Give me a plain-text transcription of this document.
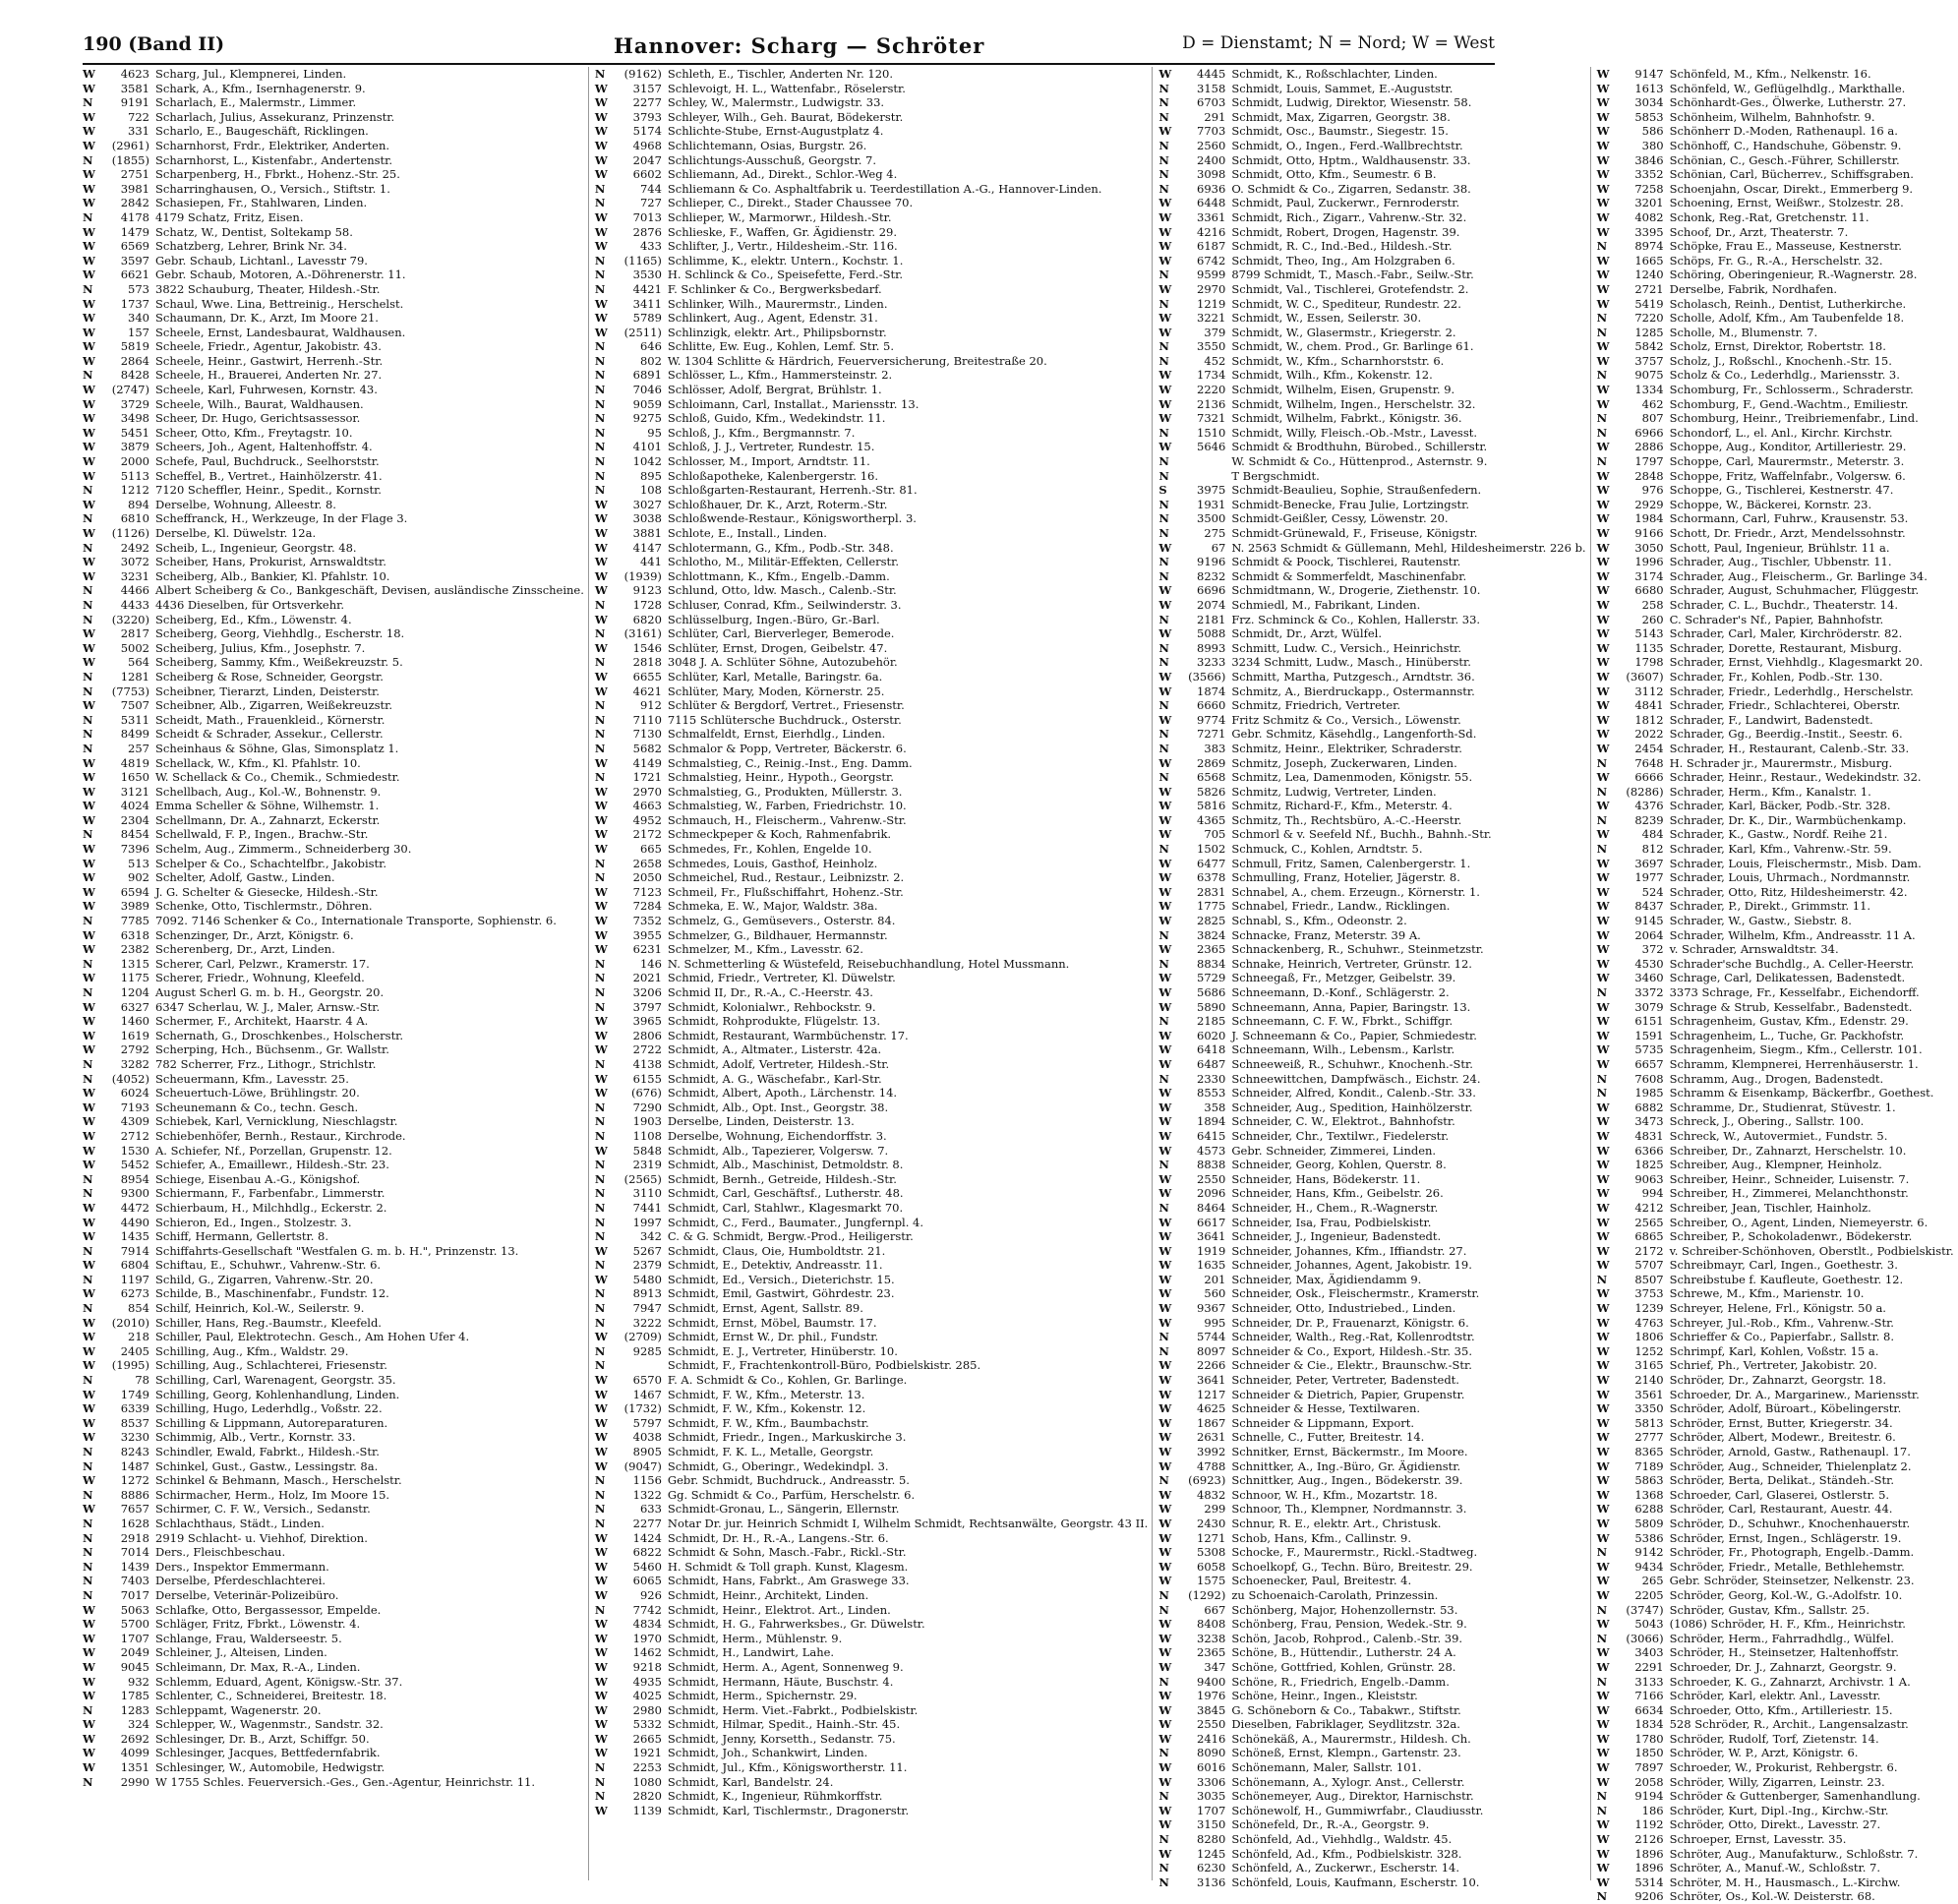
190 (Band II)	Hannover: Scharg — Schröter	D = Dienstamt; N = Nord; W = West
W 4623 Scharg, Jul., Klempnerei, Linden.
W 3581 Schark, A., Kfm., Isernhagenerstr. 9.
N 9191 Scharlach, E., Malermstr., Limmer.
W	722 Scharlach, Julius, Assekuranz, Prinzenstr.
W	331 Scharlo, E., Baugeschäft, Ricklingen.
W (2961) Scharnhorst, Frdr., Elektriker, Anderten.
N (1855) Scharnhorst, L., Kistenfabr., Andertenstr.
W 2751 Scharpenberg, H., Fbrkt., Hohenz.-Str. 25.
W 3981 Scharringhausen, O., Versich., Stiftstr. 1.
W 2842 Schasiepen, Fr., Stahlwaren, Linden.
N 4178 4179 Schatz, Fritz, Eisen.
W 1479 Schatz, W., Dentist, Soltekamp 58.
W 6569 Schatzberg, Lehrer, Brink Nr. 34.
W 3597 Gebr. Schaub, Lichtanl., Lavesstr 79.
W 6621 Gebr. Schaub, Motoren, A.-Döhrenerstr. 11.
N	573 3822 Schauburg, Theater, Hildesh.-Str.
W 1737 Schaul, Wwe. Lina, Bettreinig., Herschelst.
W	340 Schaumann, Dr. K., Arzt, Im Moore 21.
W	157 Scheele, Ernst, Landesbaurat, Waldhausen.
W 5819 Scheele, Friedr., Agentur, Jakobistr. 43.
W 2864 Scheele, Heinr., Gastwirt, Herrenh.-Str.
N 8428 Scheele, H., Brauerei, Anderten Nr. 27.
W (2747) Scheele, Karl, Fuhrwesen, Kornstr. 43.
W 3729 Scheele, Wilh., Baurat, Waldhausen.
W 3498 Scheer, Dr. Hugo, Gerichtsassessor.
W 5451 Scheer, Otto, Kfm., Freytagstr. 10.
W 3879 Scheers, Joh., Agent, Haltenhoffstr. 4.
W 2000 Schefe, Paul, Buchdruck., Seelhorststr.
W 5113 Scheffel, B., Vertret., Hainhölzerstr. 41.
N 1212 7120 Scheffler, Heinr., Spedit., Kornstr.
W	894 Derselbe, Wohnung, Alleestr. 8.
N 6810 Scheffranck, H., Werkzeuge, In der Flage 3.
W (1126) Derselbe, Kl. Düwelstr. 12a.
N 2492 Scheib, L., Ingenieur, Georgstr. 48.
W 3072 Scheiber, Hans, Prokurist, Arnswaldtstr.
W 3231 Scheiberg, Alb., Bankier, Kl. Pfahlstr. 10.
N 4466 Albert Scheiberg & Co., Bankgeschäft, Devisen, ausländische Zinsscheine.
N 4433 4436 Dieselben, für Ortsverkehr.
N (3220) Scheiberg, Ed., Kfm., Löwenstr. 4.
W 2817 Scheiberg, Georg, Viehhdlg., Escherstr. 18.
W 5002 Scheiberg, Julius, Kfm., Josephstr. 7.
W	564 Scheiberg, Sammy, Kfm., Weißekreuzstr. 5.
N 1281 Scheiberg & Rose, Schneider, Georgstr.
N (7753) Scheibner, Tierarzt, Linden, Deisterstr.
W 7507 Scheibner, Alb., Zigarren, Weißekreuzstr.
N 5311 Scheidt, Math., Frauenkleid., Körnerstr.
N 8499 Scheidt & Schrader, Assekur., Cellerstr.
N	257 Scheinhaus & Söhne, Glas, Simonsplatz 1.
W 4819 Schellack, W., Kfm., Kl. Pfahlstr. 10.
W 1650 W. Schellack & Co., Chemik., Schmiedestr.
W 3121 Schellbach, Aug., Kol.-W., Bohnenstr. 9.
W 4024 Emma Scheller & Söhne, Wilhemstr. 1.
W 2304 Schellmann, Dr. A., Zahnarzt, Eckerstr.
N 8454 Schellwald, F. P., Ingen., Brachw.-Str.
W 7396 Schelm, Aug., Zimmerm., Schneiderberg 30.
W	513 Schelper & Co., Schachtelfbr., Jakobistr.
W	902 Schelter, Adolf, Gastw., Linden.
W 6594 J. G. Schelter & Giesecke, Hildesh.-Str.
W 3989 Schenke, Otto, Tischlermstr., Döhren.
N 7785 7092. 7146 Schenker & Co., Internationale Transporte, Sophienstr. 6.
W 6318 Schenzinger, Dr., Arzt, Königstr. 6.
W 2382 Scherenberg, Dr., Arzt, Linden.
N 1315 Scherer, Carl, Pelzwr., Kramerstr. 17.
W 1175 Scherer, Friedr., Wohnung, Kleefeld.
N 1204 August Scherl G. m. b. H., Georgstr. 20.
W 6327 6347 Scherlau, W. J., Maler, Arnsw.-Str.
W 1460 Schermer, F., Architekt, Haarstr. 4 A.
W 1619 Schernath, G., Droschkenbes., Holscherstr.
W 2792 Scherping, Hch., Büchsenm., Gr. Wallstr.
N 3282 782 Scherrer, Frz., Lithogr., Strichlstr.
N (4052) Scheuermann, Kfm., Lavesstr. 25.
W 6024 Scheuertuch-Löwe, Brühlingstr. 20.
W 7193 Scheunemann & Co., techn. Gesch.
W 4309 Schiebek, Karl, Vernicklung, Nieschlagstr.
W 2712 Schiebenhöfer, Bernh., Restaur., Kirchrode.
W 1530 A. Schiefer, Nf., Porzellan, Grupenstr. 12.
W 5452 Schiefer, A., Emaillewr., Hildesh.-Str. 23.
N 8954 Schiege, Eisenbau A.-G., Königshof.
N 9300 Schiermann, F., Farbenfabr., Limmerstr.
W 4472 Schierbaum, H., Milchhdlg., Eckerstr. 2.
W 4490 Schieron, Ed., Ingen., Stolzestr. 3.
W 1435 Schiff, Hermann, Gellertstr. 8.
N 7914 Schiffahrts-Gesellschaft "Westfalen G. m. b. H.", Prinzenstr. 13.
W 6804 Schiftau, E., Schuhwr., Vahrenw.-Str. 6.
N 1197 Schild, G., Zigarren, Vahrenw.-Str. 20.
W 6273 Schilde, B., Maschinenfabr., Fundstr. 12.
N	854 Schilf, Heinrich, Kol.-W., Seilerstr. 9.
W (2010) Schiller, Hans, Reg.-Baumstr., Kleefeld.
W	218 Schiller, Paul, Elektrotechn. Gesch., Am Hohen Ufer 4.
W 2405 Schilling, Aug., Kfm., Waldstr. 29.
W (1995) Schilling, Aug., Schlachterei, Friesenstr.
N	78 Schilling, Carl, Warenagent, Georgstr. 35.
W 1749 Schilling, Georg, Kohlenhandlung, Linden.
W 6339 Schilling, Hugo, Lederhdlg., Voßstr. 22.
W 8537 Schilling & Lippmann, Autoreparaturen.
W 3230 Schimmig, Alb., Vertr., Kornstr. 33.
N 8243 Schindler, Ewald, Fabrkt., Hildesh.-Str.
N 1487 Schinkel, Gust., Gastw., Lessingstr. 8a.
W 1272 Schinkel & Behmann, Masch., Herschelstr.
N 8886 Schirmacher, Herm., Holz, Im Moore 15.
W 7657 Schirmer, C. F. W., Versich., Sedanstr.
N 1628 Schlachthaus, Städt., Linden.
N 2918 2919 Schlacht- u. Viehhof, Direktion.
N 7014 Ders., Fleischbeschau.
N 1439 Ders., Inspektor Emmermann.
N 7403 Derselbe, Pferdeschlachterei.
N 7017 Derselbe, Veterinär-Polizeibüro.
W 5063 Schlafke, Otto, Bergassessor, Empelde.
W 5700 Schläger, Fritz, Fbrkt., Löwenstr. 4.
W 1707 Schlange, Frau, Walderseestr. 5.
W 2049 Schleiner, J., Alteisen, Linden.
W 9045 Schleimann, Dr. Max, R.-A., Linden.
W	932 Schlemm, Eduard, Agent, Königsw.-Str. 37.
W 1785 Schlenter, C., Schneiderei, Breitestr. 18.
N 1283 Schleppamt, Wagenerstr. 20.
W	324 Schlepper, W., Wagenmstr., Sandstr. 32.
W 2692 Schlesinger, Dr. B., Arzt, Schiffgr. 50.
W 4099 Schlesinger, Jacques, Bettfedernfabrik.
W 1351 Schlesinger, W., Automobile, Hedwigstr.
N 2990 W 1755 Schles. Feuerversich.-Ges., Gen.-Agentur, Heinrichstr. 11.
N (9162) Schleth, E., Tischler, Anderten Nr. 120.
W 3157 Schlevoigt, H. L., Wattenfabr., Röselerstr.
W 2277 Schley, W., Malermstr., Ludwigstr. 33.
W 3793 Schleyer, Wilh., Geh. Baurat, Bödekerstr.
W 5174 Schlichte-Stube, Ernst-Augustplatz 4.
W 4968 Schlichtemann, Osias, Burgstr. 26.
W 2047 Schlichtungs-Ausschuß, Georgstr. 7.
W 6602 Schliemann, Ad., Direkt., Schlor.-Weg 4.
N	744 Schliemann & Co. Asphaltfabrik u. Teerdestillation A.-G., Hannover-Linden.
N	727 Schlieper, C., Direkt., Stader Chaussee 70.
W 7013 Schlieper, W., Marmorwr., Hildesh.-Str.
W 2876 Schlieske, F., Waffen, Gr. Ägidienstr. 29.
W	433 Schlifter, J., Vertr., Hildesheim.-Str. 116.
N (1165) Schlimme, K., elektr. Untern., Kochstr. 1.
N 3530 H. Schlinck & Co., Speisefette, Ferd.-Str.
N 4421 F. Schlinker & Co., Bergwerksbedarf.
W 3411 Schlinker, Wilh., Maurermstr., Linden.
W 5789 Schlinkert, Aug., Agent, Edenstr. 31.
W (2511) Schlinzigk, elektr. Art., Philipsbornstr.
N	646 Schlitte, Ew. Eug., Kohlen, Lemf. Str. 5.
N	802 W. 1304 Schlitte & Härdrich, Feuerversicherung, Breitestraße 20.
N 6891 Schlösser, L., Kfm., Hammersteinstr. 2.
N 7046 Schlösser, Adolf, Bergrat, Brühlstr. 1.
N 9059 Schloimann, Carl, Installat., Mariensstr. 13.
N 9275 Schloß, Guido, Kfm., Wedekindstr. 11.
N	95 Schloß, J., Kfm., Bergmannstr. 7.
N 4101 Schloß, J. J., Vertreter, Rundestr. 15.
N 1042 Schlosser, M., Import, Arndtstr. 11.
N	895 Schloßapotheke, Kalenbergerstr. 16.
N	108 Schloßgarten-Restaurant, Herrenh.-Str. 81.
W 3027 Schloßhauer, Dr. K., Arzt, Roterm.-Str.
W 3038 Schloßwende-Restaur., Königswortherpl. 3.
W 3881 Schlote, E., Install., Linden.
W 4147 Schlotermann, G., Kfm., Podb.-Str. 348.
W	441 Schlotho, M., Militär-Effekten, Cellerstr.
W (1939) Schlottmann, K., Kfm., Engelb.-Damm.
W 9123 Schlund, Otto, ldw. Masch., Calenb.-Str.
N 1728 Schluser, Conrad, Kfm., Seilwinderstr. 3.
W 6820 Schlüsselburg, Ingen.-Büro, Gr.-Barl.
N (3161) Schlüter, Carl, Bierverleger, Bemerode.
W 1546 Schlüter, Ernst, Drogen, Geibelstr. 47.
N 2818 3048 J. A. Schlüter Söhne, Autozubehör.
W 6655 Schlüter, Karl, Metalle, Baringstr. 6a.
W 4621 Schlüter, Mary, Moden, Körnerstr. 25.
N	912 Schlüter & Bergdorf, Vertret., Friesenstr.
N 7110 7115 Schlütersche Buchdruck., Osterstr.
N 7130 Schmalfeldt, Ernst, Eierhdlg., Linden.
N 5682 Schmalor & Popp, Vertreter, Bäckerstr. 6.
W 4149 Schmalstieg, C., Reinig.-Inst., Eng. Damm.
N 1721 Schmalstieg, Heinr., Hypoth., Georgstr.
W 2970 Schmalstieg, G., Produkten, Müllerstr. 3.
W 4663 Schmalstieg, W., Farben, Friedrichstr. 10.
W 4952 Schmauch, H., Fleischerm., Vahrenw.-Str.
W 2172 Schmeckpeper & Koch, Rahmenfabrik.
W	665 Schmedes, Fr., Kohlen, Engelde 10.
N 2658 Schmedes, Louis, Gasthof, Heinholz.
N 2050 Schmeichel, Rud., Restaur., Leibnizstr. 2.
W 7123 Schmeil, Fr., Flußschiffahrt, Hohenz.-Str.
W 7284 Schmeka, E. W., Major, Waldstr. 38a.
W 7352 Schmelz, G., Gemüsevers., Osterstr. 84.
W 3955 Schmelzer, G., Bildhauer, Hermannstr.
W 6231 Schmelzer, M., Kfm., Lavesstr. 62.
N	146 N. Schmetterling & Wüstefeld, Reisebuchhandlung, Hotel Mussmann.
N 2021 Schmid, Friedr., Vertreter, Kl. Düwelstr.
N 3206 Schmid II, Dr., R.-A., C.-Heerstr. 43.
N 3797 Schmidt, Kolonialwr., Rehbockstr. 9.
W 3965 Schmidt, Rohprodukte, Flügelstr. 13.
W 2806 Schmidt, Restaurant, Warmbüchenstr. 17.
W 2722 Schmidt, A., Altmater., Listerstr. 42a.
N 4138 Schmidt, Adolf, Vertreter, Hildesh.-Str.
W 6155 Schmidt, A. G., Wäschefabr., Karl-Str.
W (676) Schmidt, Albert, Apoth., Lärchenstr. 14.
N 7290 Schmidt, Alb., Opt. Inst., Georgstr. 38.
N 1903 Derselbe, Linden, Deisterstr. 13.
N 1108 Derselbe, Wohnung, Eichendorffstr. 3.
W 5848 Schmidt, Alb., Tapezierer, Volgersw. 7.
N 2319 Schmidt, Alb., Maschinist, Detmoldstr. 8.
N (2565) Schmidt, Bernh., Getreide, Hildesh.-Str.
N 3110 Schmidt, Carl, Geschäftsf., Lutherstr. 48.
N 7441 Schmidt, Carl, Stahlwr., Klagesmarkt 70.
N 1997 Schmidt, C., Ferd., Baumater., Jungfernpl. 4.
N	342 C. & G. Schmidt, Bergw.-Prod., Heiligerstr.
W 5267 Schmidt, Claus, Oie, Humboldtstr. 21.
N 2379 Schmidt, E., Detektiv, Andreasstr. 11.
W 5480 Schmidt, Ed., Versich., Dieterichstr. 15.
N 8913 Schmidt, Emil, Gastwirt, Göhrdestr. 23.
N 7947 Schmidt, Ernst, Agent, Sallstr. 89.
N 3222 Schmidt, Ernst, Möbel, Baumstr. 17.
W (2709) Schmidt, Ernst W., Dr. phil., Fundstr.
N 9285 Schmidt, E. J., Vertreter, Hinüberstr. 10.
N	Schmidt, F., Frachtenkontroll-Büro, Podbielskistr. 285.
W 6570 F. A. Schmidt & Co., Kohlen, Gr. Barlinge.
W 1467 Schmidt, F. W., Kfm., Meterstr. 13.
W (1732) Schmidt, F. W., Kfm., Kokenstr. 12.
W 5797 Schmidt, F. W., Kfm., Baumbachstr.
W 4038 Schmidt, Friedr., Ingen., Markuskirche 3.
W 8905 Schmidt, F. K. L., Metalle, Georgstr.
W (9047) Schmidt, G., Oberingr., Wedekindpl. 3.
N 1156 Gebr. Schmidt, Buchdruck., Andreasstr. 5.
N 1322 Gg. Schmidt & Co., Parfüm, Herschelstr. 6.
N	633 Schmidt-Gronau, L., Sängerin, Ellernstr.
N 2277 Notar Dr. jur. Heinrich Schmidt I, Wilhelm Schmidt, Rechtsanwälte, Georgstr. 43 II.
W 1424 Schmidt, Dr. H., R.-A., Langens.-Str. 6.
W 6822 Schmidt & Sohn, Masch.-Fabr., Rickl.-Str.
W 5460 H. Schmidt & Toll graph. Kunst, Klagesm.
W 6065 Schmidt, Hans, Fabrkt., Am Graswege 33.
W	926 Schmidt, Heinr., Architekt, Linden.
N 7742 Schmidt, Heinr., Elektrot. Art., Linden.
W 4834 Schmidt, H. G., Fahrwerksbes., Gr. Düwelstr.
W 1970 Schmidt, Herm., Mühlenstr. 9.
W 1462 Schmidt, H., Landwirt, Lahe.
W 9218 Schmidt, Herm. A., Agent, Sonnenweg 9.
W 4935 Schmidt, Hermann, Häute, Buschstr. 4.
W 4025 Schmidt, Herm., Spichernstr. 29.
W 2980 Schmidt, Herm. Viet.-Fabrkt., Podbielskistr.
W 5332 Schmidt, Hilmar, Spedit., Hainh.-Str. 45.
W 2665 Schmidt, Jenny, Korsetth., Sedanstr. 75.
W 1921 Schmidt, Joh., Schankwirt, Linden.
N 2253 Schmidt, Jul., Kfm., Königswortherstr. 11.
N 1080 Schmidt, Karl, Bandelstr. 24.
N 2820 Schmidt, K., Ingenieur, Rühmkorffstr.
W 1139 Schmidt, Karl, Tischlermstr., Dragonerstr.
W 4445 Schmidt, K., Roßschlachter, Linden.
N 3158 Schmidt, Louis, Sammet, E.-Auguststr.
N 6703 Schmidt, Ludwig, Direktor, Wiesenstr. 58.
N	291 Schmidt, Max, Zigarren, Georgstr. 38.
W 7703 Schmidt, Osc., Baumstr., Siegestr. 15.
N 2560 Schmidt, O., Ingen., Ferd.-Wallbrechtstr.
N 2400 Schmidt, Otto, Hptm., Waldhausenstr. 33.
N 3098 Schmidt, Otto, Kfm., Seumestr. 6 B.
N 6936 O. Schmidt & Co., Zigarren, Sedanstr. 38.
W 6448 Schmidt, Paul, Zuckerwr., Fernroderstr.
W 3361 Schmidt, Rich., Zigarr., Vahrenw.-Str. 32.
W 4216 Schmidt, Robert, Drogen, Hagenstr. 39.
W 6187 Schmidt, R. C., Ind.-Bed., Hildesh.-Str.
W 6742 Schmidt, Theo, Ing., Am Holzgraben 6.
N 9599 8799 Schmidt, T., Masch.-Fabr., Seilw.-Str.
W 2970 Schmidt, Val., Tischlerei, Grotefendstr. 2.
N 1219 Schmidt, W. C., Spediteur, Rundestr. 22.
W 3221 Schmidt, W., Essen, Seilerstr. 30.
W	379 Schmidt, W., Glasermstr., Kriegerstr. 2.
N 3550 Schmidt, W., chem. Prod., Gr. Barlinge 61.
N	452 Schmidt, W., Kfm., Scharnhorststr. 6.
W 1734 Schmidt, Wilh., Kfm., Kokenstr. 12.
W 2220 Schmidt, Wilhelm, Eisen, Grupenstr. 9.
W 2136 Schmidt, Wilhelm, Ingen., Herschelstr. 32.
W 7321 Schmidt, Wilhelm, Fabrkt., Königstr. 36.
N 1510 Schmidt, Willy, Fleisch.-Ob.-Mstr., Lavesst.
W 5646 Schmidt & Brodthuhn, Bürobed., Schillerstr.
N	W. Schmidt & Co., Hüttenprod., Asternstr. 9.
N	T Bergschmidt.
S	3975 Schmidt-Beaulieu, Sophie, Straußenfedern.
N 1931 Schmidt-Benecke, Frau Julie, Lortzingstr.
N 3500 Schmidt-Geißler, Cessy, Löwenstr. 20.
N	275 Schmidt-Grünewald, F., Friseuse, Königstr.
W	67 N. 2563 Schmidt & Güllemann, Mehl, Hildesheimerstr. 226 b.
N 9196 Schmidt & Poock, Tischlerei, Rautenstr.
N 8232 Schmidt & Sommerfeldt, Maschinenfabr.
W 6696 Schmidtmann, W., Drogerie, Ziethenstr. 10.
W 2074 Schmiedl, M., Fabrikant, Linden.
N 2181 Frz. Schminck & Co., Kohlen, Hallerstr. 33.
W 5088 Schmidt, Dr., Arzt, Wülfel.
N 8993 Schmitt, Ludw. C., Versich., Heinrichstr.
N 3233 3234 Schmitt, Ludw., Masch., Hinüberstr.
W (3566) Schmitt, Martha, Putzgesch., Arndtstr. 36.
W 1874 Schmitz, A., Bierdruckapp., Ostermannstr.
N 6660 Schmitz, Friedrich, Vertreter.
W 9774 Fritz Schmitz & Co., Versich., Löwenstr.
N 7271 Gebr. Schmitz, Käsehdlg., Langenforth-Sd.
N	383 Schmitz, Heinr., Elektriker, Schraderstr.
W 2869 Schmitz, Joseph, Zuckerwaren, Linden.
N 6568 Schmitz, Lea, Damenmoden, Königstr. 55.
W 5826 Schmitz, Ludwig, Vertreter, Linden.
W 5816 Schmitz, Richard-F., Kfm., Meterstr. 4.
W 4365 Schmitz, Th., Rechtsbüro, A.-C.-Heerstr.
W	705 Schmorl & v. Seefeld Nf., Buchh., Bahnh.-Str.
N 1502 Schmuck, C., Kohlen, Arndtstr. 5.
W 6477 Schmull, Fritz, Samen, Calenbergerstr. 1.
W 6378 Schmulling, Franz, Hotelier, Jägerstr. 8.
W 2831 Schnabel, A., chem. Erzeugn., Körnerstr. 1.
W 1775 Schnabel, Friedr., Landw., Ricklingen.
W 2825 Schnabl, S., Kfm., Odeonstr. 2.
N 3824 Schnacke, Franz, Meterstr. 39 A.
W 2365 Schnackenberg, R., Schuhwr., Steinmetzstr.
N 8834 Schnake, Heinrich, Vertreter, Grünstr. 12.
W 5729 Schneegaß, Fr., Metzger, Geibelstr. 39.
W 5686 Schneemann, D.-Konf., Schlägerstr. 2.
W 5890 Schneemann, Anna, Papier, Baringstr. 13.
N 2185 Schneemann, C. F. W., Fbrkt., Schiffgr.
W 6020 J. Schneemann & Co., Papier, Schmiedestr.
W 6418 Schneemann, Wilh., Lebensm., Karlstr.
W 6487 Schneeweiß, R., Schuhwr., Knochenh.-Str.
N 2330 Schneewittchen, Dampfwäsch., Eichstr. 24.
W 8553 Schneider, Alfred, Kondit., Calenb.-Str. 33.
W	358 Schneider, Aug., Spedition, Hainhölzerstr.
W 1894 Schneider, C. W., Elektrot., Bahnhofstr.
W 6415 Schneider, Chr., Textilwr., Fiedelerstr.
W 4573 Gebr. Schneider, Zimmerei, Linden.
N 8838 Schneider, Georg, Kohlen, Querstr. 8.
W 2550 Schneider, Hans, Bödekerstr. 11.
W 2096 Schneider, Hans, Kfm., Geibelstr. 26.
N 8464 Schneider, H., Chem., R.-Wagnerstr.
W 6617 Schneider, Isa, Frau, Podbielskistr.
W 3641 Schneider, J., Ingenieur, Badenstedt.
W 1919 Schneider, Johannes, Kfm., Iffiandstr. 27.
W 1635 Schneider, Johannes, Agent, Jakobistr. 19.
W	201 Schneider, Max, Ägidiendamm 9.
W	560 Schneider, Osk., Fleischermstr., Kramerstr.
W 9367 Schneider, Otto, Industriebed., Linden.
W	995 Schneider, Dr. P., Frauenarzt, Königstr. 6.
N 5744 Schneider, Walth., Reg.-Rat, Kollenrodtstr.
N 8097 Schneider & Co., Export, Hildesh.-Str. 35.
W 2266 Schneider & Cie., Elektr., Braunschw.-Str.
W 3641 Schneider, Peter, Vertreter, Badenstedt.
W 1217 Schneider & Dietrich, Papier, Grupenstr.
W 4625 Schneider & Hesse, Textilwaren.
W 1867 Schneider & Lippmann, Export.
W 2631 Schnelle, C., Futter, Breitestr. 14.
W 3992 Schnitker, Ernst, Bäckermstr., Im Moore.
W 4788 Schnittker, A., Ing.-Büro, Gr. Ägidienstr.
N (6923) Schnittker, Aug., Ingen., Bödekerstr. 39.
W 4832 Schnoor, W. H., Kfm., Mozartstr. 18.
W	299 Schnoor, Th., Klempner, Nordmannstr. 3.
W 2430 Schnur, R. E., elektr. Art., Christusk.
W 1271 Schob, Hans, Kfm., Callinstr. 9.
W 5308 Schocke, F., Maurermstr., Rickl.-Stadtweg.
W 6058 Schoelkopf, G., Techn. Büro, Breitestr. 29.
W 1575 Schoenecker, Paul, Breitestr. 4.
N (1292) zu Schoenaich-Carolath, Prinzessin.
N	667 Schönberg, Major, Hohenzollernstr. 53.
W 8408 Schönberg, Frau, Pension, Wedek.-Str. 9.
W 3238 Schön, Jacob, Rohprod., Calenb.-Str. 39.
W 2365 Schöne, B., Hüttendir., Lutherstr. 24 A.
W	347 Schöne, Gottfried, Kohlen, Grünstr. 28.
N 9400 Schöne, R., Friedrich, Engelb.-Damm.
W 1976 Schöne, Heinr., Ingen., Kleiststr.
W 3845 G. Schöneborn & Co., Tabakwr., Stiftstr.
W 2550 Dieselben, Fabriklager, Seydlitzstr. 32a.
W 2416 Schönekäß, A., Maurermstr., Hildesh. Ch.
N 8090 Schöneß, Ernst, Klempn., Gartenstr. 23.
W 6016 Schönemann, Maler, Sallstr. 101.
W 3306 Schönemann, A., Xylogr. Anst., Cellerstr.
N 3035 Schönemeyer, Aug., Direktor, Harnischstr.
W 1707 Schönewolf, H., Gummiwrfabr., Claudiusstr.
W 3150 Schönefeld, Dr., R.-A., Georgstr. 9.
N 8280 Schönfeld, Ad., Viehhdlg., Waldstr. 45.
W 1245 Schönfeld, Ad., Kfm., Podbielskistr. 328.
N 6230 Schönfeld, A., Zuckerwr., Escherstr. 14.
N 3136 Schönfeld, Louis, Kaufmann, Escherstr. 10.
W 9147 Schönfeld, M., Kfm., Nelkenstr. 16.
W 1613 Schönfeld, W., Geflügelhdlg., Markthalle.
W 3034 Schönhardt-Ges., Ölwerke, Lutherstr. 27.
W 5853 Schönheim, Wilhelm, Bahnhofstr. 9.
W	586 Schönherr D.-Moden, Rathenaupl. 16 a.
W	380 Schönhoff, C., Handschuhe, Göbenstr. 9.
W 3846 Schönian, C., Gesch.-Führer, Schillerstr.
W 3352 Schönian, Carl, Bücherrev., Schiffsgraben.
W 7258 Schoenjahn, Oscar, Direkt., Emmerberg 9.
W 3201 Schoening, Ernst, Weißwr., Stolzestr. 28.
W 4082 Schonk, Reg.-Rat, Gretchenstr. 11.
W 3395 Schoof, Dr., Arzt, Theaterstr. 7.
N 8974 Schöpke, Frau E., Masseuse, Kestnerstr.
W 1665 Schöps, Fr. G., R.-A., Herschelstr. 32.
W 1240 Schöring, Oberingenieur, R.-Wagnerstr. 28.
W 2721 Derselbe, Fabrik, Nordhafen.
W 5419 Scholasch, Reinh., Dentist, Lutherkirche.
N 7220 Scholle, Adolf, Kfm., Am Taubenfelde 18.
N 1285 Scholle, M., Blumenstr. 7.
W 5842 Scholz, Ernst, Direktor, Robertstr. 18.
W 3757 Scholz, J., Roßschl., Knochenh.-Str. 15.
N 9075 Scholz & Co., Lederhdlg., Mariensstr. 3.
W 1334 Schomburg, Fr., Schlosserm., Schraderstr.
W	462 Schomburg, F., Gend.-Wachtm., Emiliestr.
N	807 Schomburg, Heinr., Treibriemenfabr., Lind.
N 6966 Schondorf, L., el. Anl., Kirchr. Kirchstr.
W 2886 Schoppe, Aug., Konditor, Artilleriestr. 29.
N 1797 Schoppe, Carl, Maurermstr., Meterstr. 3.
W 2848 Schoppe, Fritz, Waffelnfabr., Volgersw. 6.
W	976 Schoppe, G., Tischlerei, Kestnerstr. 47.
W 2929 Schoppe, W., Bäckerei, Kornstr. 23.
W 1984 Schormann, Carl, Fuhrw., Krausenstr. 53.
W 9166 Schott, Dr. Friedr., Arzt, Mendelssohnstr.
W 3050 Schott, Paul, Ingenieur, Brühlstr. 11 a.
W 1996 Schrader, Aug., Tischler, Ubbenstr. 11.
W 3174 Schrader, Aug., Fleischerm., Gr. Barlinge 34.
W 6680 Schrader, August, Schuhmacher, Flüggestr.
W	258 Schrader, C. L., Buchdr., Theaterstr. 14.
W	260 C. Schrader's Nf., Papier, Bahnhofstr.
W 5143 Schrader, Carl, Maler, Kirchröderstr. 82.
W 1135 Schrader, Dorette, Restaurant, Misburg.
W 1798 Schrader, Ernst, Viehhdlg., Klagesmarkt 20.
W (3607) Schrader, Fr., Kohlen, Podb.-Str. 130.
W 3112 Schrader, Friedr., Lederhdlg., Herschelstr.
W 4841 Schrader, Friedr., Schlachterei, Oberstr.
W 1812 Schrader, F., Landwirt, Badenstedt.
W 2022 Schrader, Gg., Beerdig.-Instit., Seestr. 6.
W 2454 Schrader, H., Restaurant, Calenb.-Str. 33.
N 7648 H. Schrader jr., Maurermstr., Misburg.
W 6666 Schrader, Heinr., Restaur., Wedekindstr. 32.
N (8286) Schrader, Herm., Kfm., Kanalstr. 1.
W 4376 Schrader, Karl, Bäcker, Podb.-Str. 328.
N 8239 Schrader, Dr. K., Dir., Warmbüchenkamp.
W	484 Schrader, K., Gastw., Nordf. Reihe 21.
N	812 Schrader, Karl, Kfm., Vahrenw.-Str. 59.
W 3697 Schrader, Louis, Fleischermstr., Misb. Dam.
W 1977 Schrader, Louis, Uhrmach., Nordmannstr.
W	524 Schrader, Otto, Ritz, Hildesheimerstr. 42.
W 8437 Schrader, P., Direkt., Grimmstr. 11.
W 9145 Schrader, W., Gastw., Siebstr. 8.
W 2064 Schrader, Wilhelm, Kfm., Andreasstr. 11 A.
W	372 v. Schrader, Arnswaldtstr. 34.
W 4530 Schrader'sche Buchdlg., A. Celler-Heerstr.
W 3460 Schrage, Carl, Delikatessen, Badenstedt.
N 3372 3373 Schrage, Fr., Kesselfabr., Eichendorff.
W 3079 Schrage & Strub, Kesselfabr., Badenstedt.
W 6151 Schragenheim, Gustav, Kfm., Edenstr. 29.
W 1591 Schragenheim, L., Tuche, Gr. Packhofstr.
W 5735 Schragenheim, Siegm., Kfm., Cellerstr. 101.
W 6657 Schramm, Klempnerei, Herrenhäuserstr. 1.
N 7608 Schramm, Aug., Drogen, Badenstedt.
N 1985 Schramm & Eisenkamp, Bäckerfbr., Goethest.
W 6882 Schramme, Dr., Studienrat, Stüvestr. 1.
W 3473 Schreck, J., Obering., Sallstr. 100.
W 4831 Schreck, W., Autovermiet., Fundstr. 5.
W 6366 Schreiber, Dr., Zahnarzt, Herschelstr. 10.
W 1825 Schreiber, Aug., Klempner, Heinholz.
W 9063 Schreiber, Heinr., Schneider, Luisenstr. 7.
W	994 Schreiber, H., Zimmerei, Melanchthonstr.
W 4212 Schreiber, Jean, Tischler, Hainholz.
W 2565 Schreiber, O., Agent, Linden, Niemeyerstr. 6.
W 6865 Schreiber, P., Schokoladenwr., Bödekerstr.
W 2172 v. Schreiber-Schönhoven, Oberstlt., Podbielskistr.
W 5707 Schreibmayr, Carl, Ingen., Goethestr. 3.
N 8507 Schreibstube f. Kaufleute, Goethestr. 12.
W 3753 Schrewe, M., Kfm., Marienstr. 10.
W 1239 Schreyer, Helene, Frl., Königstr. 50 a.
W 4763 Schreyer, Jul.-Rob., Kfm., Vahrenw.-Str.
W 1806 Schrieffer & Co., Papierfabr., Sallstr. 8.
W 1252 Schrimpf, Karl, Kohlen, Voßstr. 15 a.
W 3165 Schrief, Ph., Vertreter, Jakobistr. 20.
W 2140 Schröder, Dr., Zahnarzt, Georgstr. 18.
W 3561 Schroeder, Dr. A., Margarinew., Mariensstr.
W 3350 Schröder, Adolf, Büroart., Köbelingerstr.
W 5813 Schröder, Ernst, Butter, Kriegerstr. 34.
W 2777 Schröder, Albert, Modewr., Breitestr. 6.
W 8365 Schröder, Arnold, Gastw., Rathenaupl. 17.
W 7189 Schröder, Aug., Schneider, Thielenplatz 2.
W 5863 Schröder, Berta, Delikat., Ständeh.-Str.
W 1368 Schroeder, Carl, Glaserei, Ostlerstr. 5.
W 6288 Schröder, Carl, Restaurant, Auestr. 44.
W 5809 Schröder, D., Schuhwr., Knochenhauerstr.
W 5386 Schröder, Ernst, Ingen., Schlägerstr. 19.
N 9142 Schröder, Fr., Photograph, Engelb.-Damm.
W 9434 Schröder, Friedr., Metalle, Bethlehemstr.
W	265 Gebr. Schröder, Steinsetzer, Nelkenstr. 23.
W 2205 Schröder, Georg, Kol.-W., G.-Adolfstr. 10.
N (3747) Schröder, Gustav, Kfm., Sallstr. 25.
W 5043 (1086) Schröder, H. F., Kfm., Heinrichstr.
N (3066) Schröder, Herm., Fahrradhdlg., Wülfel.
W 3403 Schröder, H., Steinsetzer, Haltenhoffstr.
W 2291 Schroeder, Dr. J., Zahnarzt, Georgstr. 9.
N 3133 Schroeder, K. G., Zahnarzt, Archivstr. 1 A.
W 7166 Schröder, Karl, elektr. Anl., Lavesstr.
W 6634 Schroeder, Otto, Kfm., Artilleriestr. 15.
W 1834 528 Schröder, R., Archit., Langensalzastr.
W 1780 Schröder, Rudolf, Torf, Zietenstr. 14.
W 1850 Schröder, W. P., Arzt, Königstr. 6.
W 7897 Schroeder, W., Prokurist, Rehbergstr. 6.
W 2058 Schröder, Willy, Zigarren, Leinstr. 23.
N 9194 Schröder & Guttenberger, Samenhandlung.
N	186 Schröder, Kurt, Dipl.-Ing., Kirchw.-Str.
W 1192 Schröder, Otto, Direkt., Lavesstr. 27.
W 2126 Schroeper, Ernst, Lavesstr. 35.
W 1896 Schröter, Aug., Manufakturw., Schloßstr. 7.
W 1896 Schröter, A., Manuf.-W., Schloßstr. 7.
W 5314 Schröter, M. H., Hausmasch., L.-Kirchw.
N 9206 Schröter, Os., Kol.-W. Deisterstr. 68.
